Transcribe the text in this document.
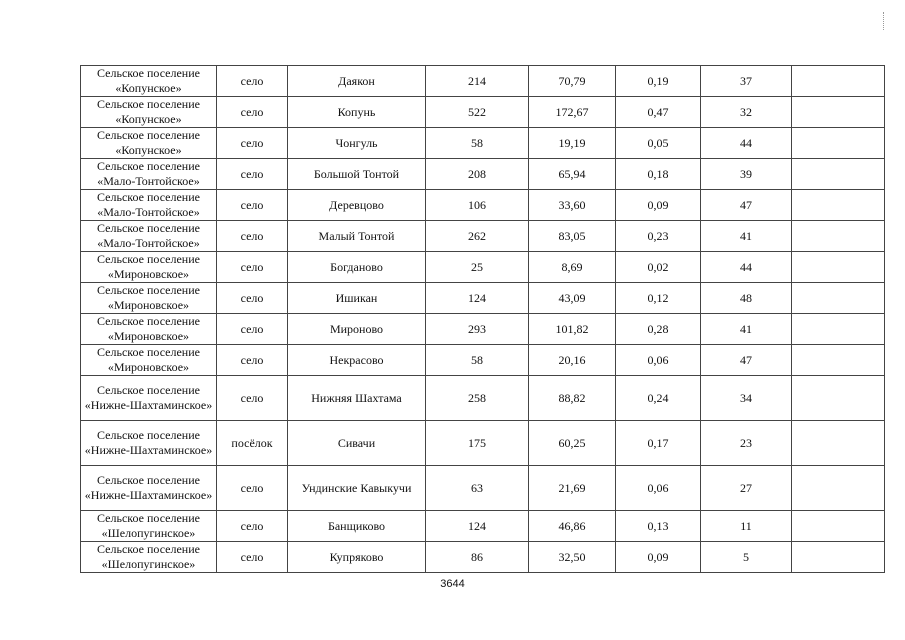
Сельское поселение «Копунское»	село	Даякон	214	70,79	0,19	37	
Сельское поселение «Копунское»	село	Копунь	522	172,67	0,47	32	
Сельское поселение «Копунское»	село	Чонгуль	58	19,19	0,05	44	
Сельское поселение «Мало-Тонтойское»	село	Большой Тонтой	208	65,94	0,18	39	
Сельское поселение «Мало-Тонтойское»	село	Деревцово	106	33,60	0,09	47	
Сельское поселение «Мало-Тонтойское»	село	Малый Тонтой	262	83,05	0,23	41	
Сельское поселение «Мироновское»	село	Богданово	25	8,69	0,02	44	
Сельское поселение «Мироновское»	село	Ишикан	124	43,09	0,12	48	
Сельское поселение «Мироновское»	село	Мироново	293	101,82	0,28	41	
Сельское поселение «Мироновское»	село	Некрасово	58	20,16	0,06	47	
Сельское поселение «Нижне-Шахтаминское»	село	Нижняя Шахтама	258	88,82	0,24	34	
Сельское поселение «Нижне-Шахтаминское»	посёлок	Сивачи	175	60,25	0,17	23	
Сельское поселение «Нижне-Шахтаминское»	село	Ундинские Кавыкучи	63	21,69	0,06	27	
Сельское поселение «Шелопугинское»	село	Банщиково	124	46,86	0,13	11	
Сельское поселение «Шелопугинское»	село	Купряково	86	32,50	0,09	5	
3644
